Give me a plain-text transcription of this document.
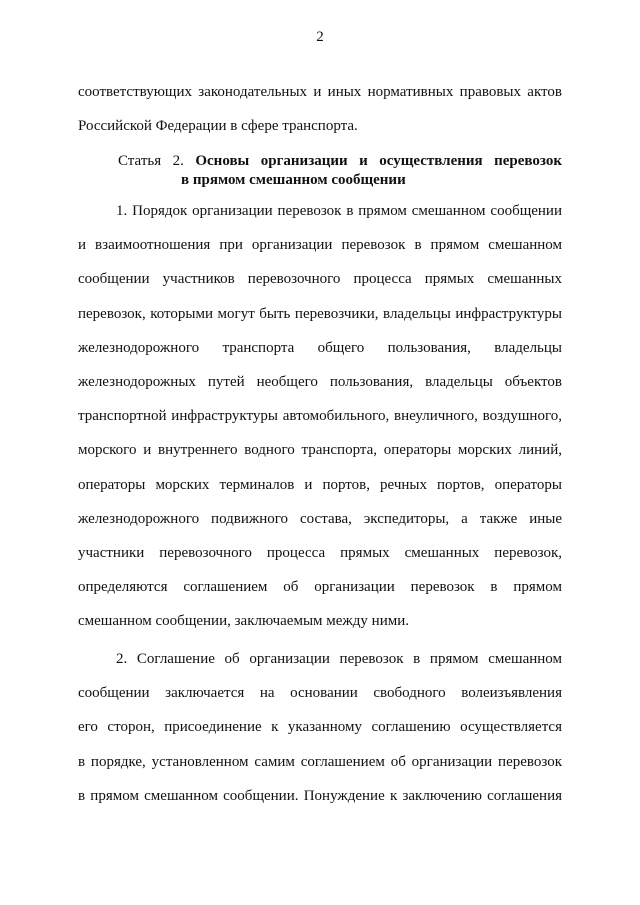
2
соответствующих законодательных и иных нормативных правовых актов
Российской Федерации в сфере транспорта.
Статья 2. Основы организации и осуществления перевозок
в прямом смешанном сообщении
1. Порядок организации перевозок в прямом смешанном сообщении
и взаимоотношения при организации перевозок в прямом смешанном
сообщении участников перевозочного процесса прямых смешанных
перевозок, которыми могут быть перевозчики, владельцы инфраструктуры
железнодорожного транспорта общего пользования, владельцы
железнодорожных путей необщего пользования, владельцы объектов
транспортной инфраструктуры автомобильного, внеуличного, воздушного,
морского и внутреннего водного транспорта, операторы морских линий,
операторы морских терминалов и портов, речных портов, операторы
железнодорожного подвижного состава, экспедиторы, а также иные
участники перевозочного процесса прямых смешанных перевозок,
определяются соглашением об организации перевозок в прямом
смешанном сообщении, заключаемым между ними.
2. Соглашение об организации перевозок в прямом смешанном
сообщении заключается на основании свободного волеизъявления
его сторон, присоединение к указанному соглашению осуществляется
в порядке, установленном самим соглашением об организации перевозок
в прямом смешанном сообщении. Понуждение к заключению соглашения
